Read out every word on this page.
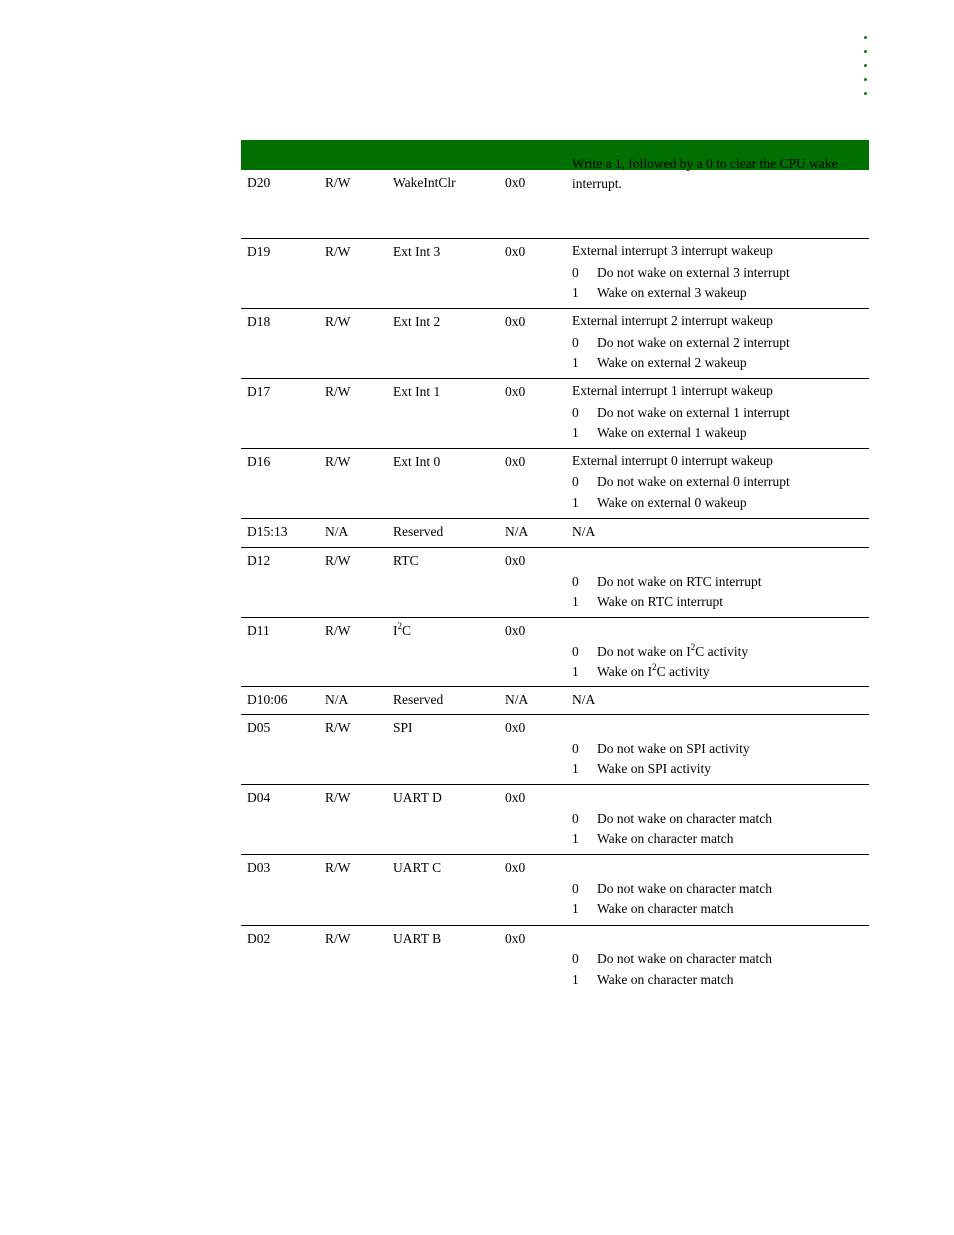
D20	R/W	WakeIntClr	0x0
Write a 1, followed by a 0 to clear the CPU wake interrupt.
D19	R/W	Ext Int 3	0x0	External interrupt 3 interrupt wakeup
0 Do not wake on external 3 interrupt
1 Wake on external 3 wakeup
D18	R/W	Ext Int 2	0x0	External interrupt 2 interrupt wakeup
0 Do not wake on external 2 interrupt
1 Wake on external 2 wakeup
D17	R/W	Ext Int 1	0x0	External interrupt 1 interrupt wakeup
0 Do not wake on external 1 interrupt
1 Wake on external 1 wakeup
D16	R/W	Ext Int 0	0x0	External interrupt 0 interrupt wakeup
0 Do not wake on external 0 interrupt
1 Wake on external 0 wakeup
D15:13	N/A	Reserved	N/A	N/A
D12	R/W	RTC	0x0
0 Do not wake on RTC interrupt
1 Wake on RTC interrupt
D11	R/W	$I^2C$	0x0
0 Do not wake on $I^2C$ activity
1 Wake on $I^2C$ activity
D10:06	N/A	Reserved	N/A	N/A
D05	R/W	SPI	0x0
0 Do not wake on SPI activity
1 Wake on SPI activity
D04	R/W	UART D	0x0
0 Do not wake on character match
1 Wake on character match
D03	R/W	UART C	0x0
0 Do not wake on character match
1 Wake on character match
D02	R/W	UART B	0x0
0 Do not wake on character match
1 Wake on character match
